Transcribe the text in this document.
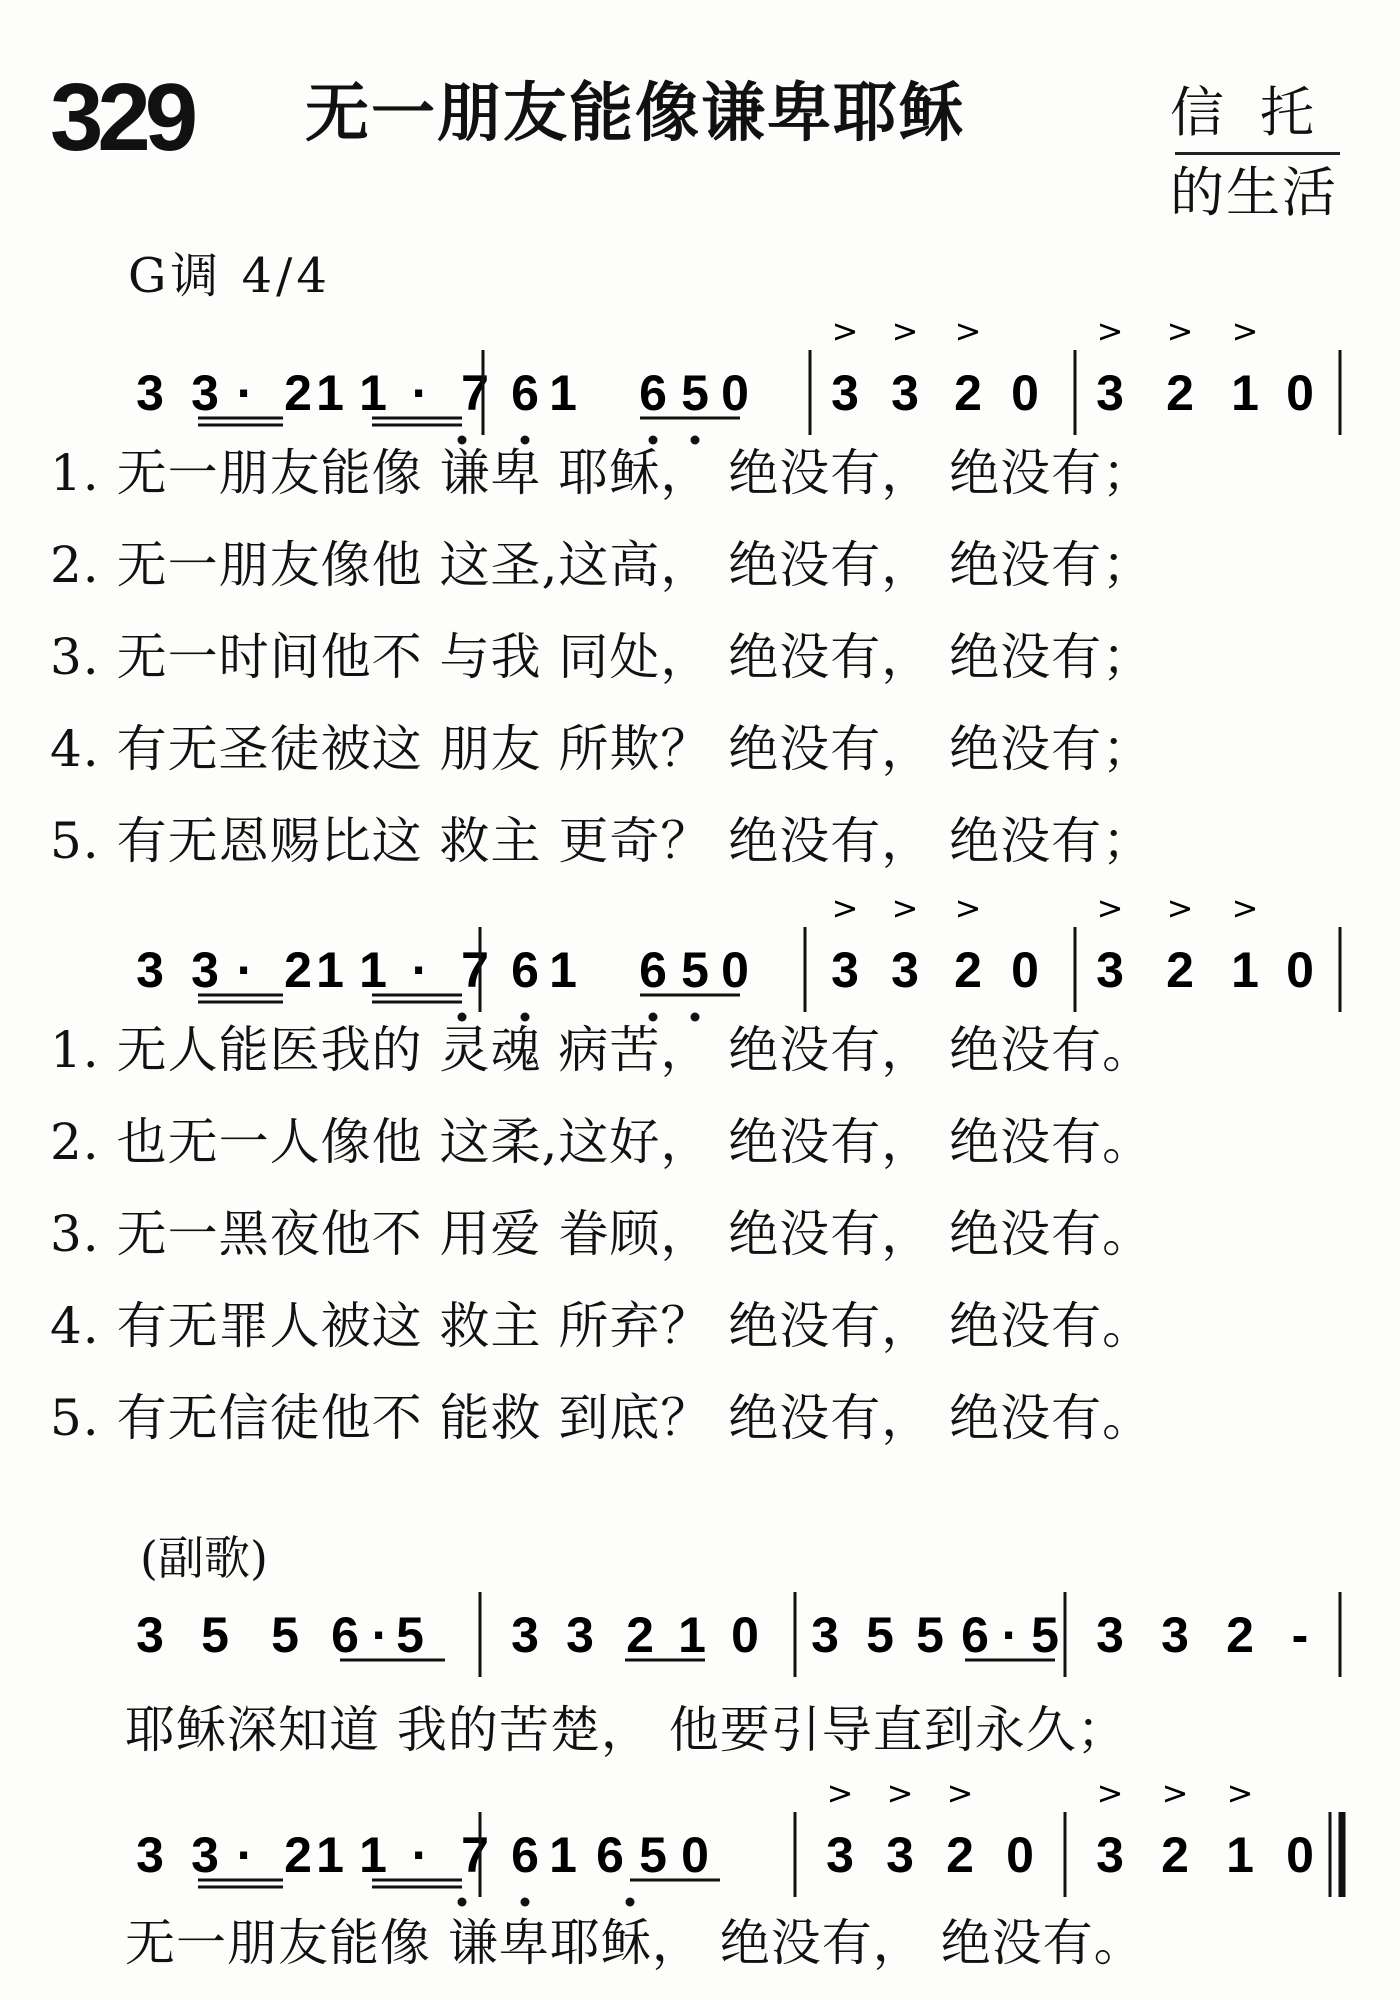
329 无一朋友能像谦卑耶稣	信托
的生活
G调 4/4
3 3 · 2 1 1 · 7 6 1 6 5 0 3 3 2 0 3 2 1 0
> > >	> > >
1. 无一朋友能像 谦卑 耶稣， 绝没有， 绝没有；
2. 无一朋友像他 这圣,这高， 绝没有， 绝没有；
3. 无一时间他不 与我 同处， 绝没有， 绝没有；
4. 有无圣徒被这 朋友 所欺？ 绝没有， 绝没有；
5. 有无恩赐比这 救主 更奇？ 绝没有， 绝没有；
3 3 · 2 1 1 · 7 6 1 6 5 0 3 3 2 0 3 2 1 0
> > >	> > >
1. 无人能医我的 灵魂 病苦， 绝没有， 绝没有。
2. 也无一人像他 这柔,这好， 绝没有， 绝没有。
3. 无一黑夜他不 用爱 眷顾， 绝没有， 绝没有。
4. 有无罪人被这 救主 所弃？ 绝没有， 绝没有。
5. 有无信徒他不 能救 到底？ 绝没有， 绝没有。
(副歌)
3 5 5 6 · 5 3 3 2 1 0 3 5 5 6 · 5 3 3 2 -
耶稣深知道 我的苦楚， 他要引导直到永久；
3 3 · 2 1 1 · 7 6 1 6 5 0 3 3 2 0 3 2 1 0
> > >	> > >
无一朋友能像 谦卑耶稣， 绝没有， 绝没有。
